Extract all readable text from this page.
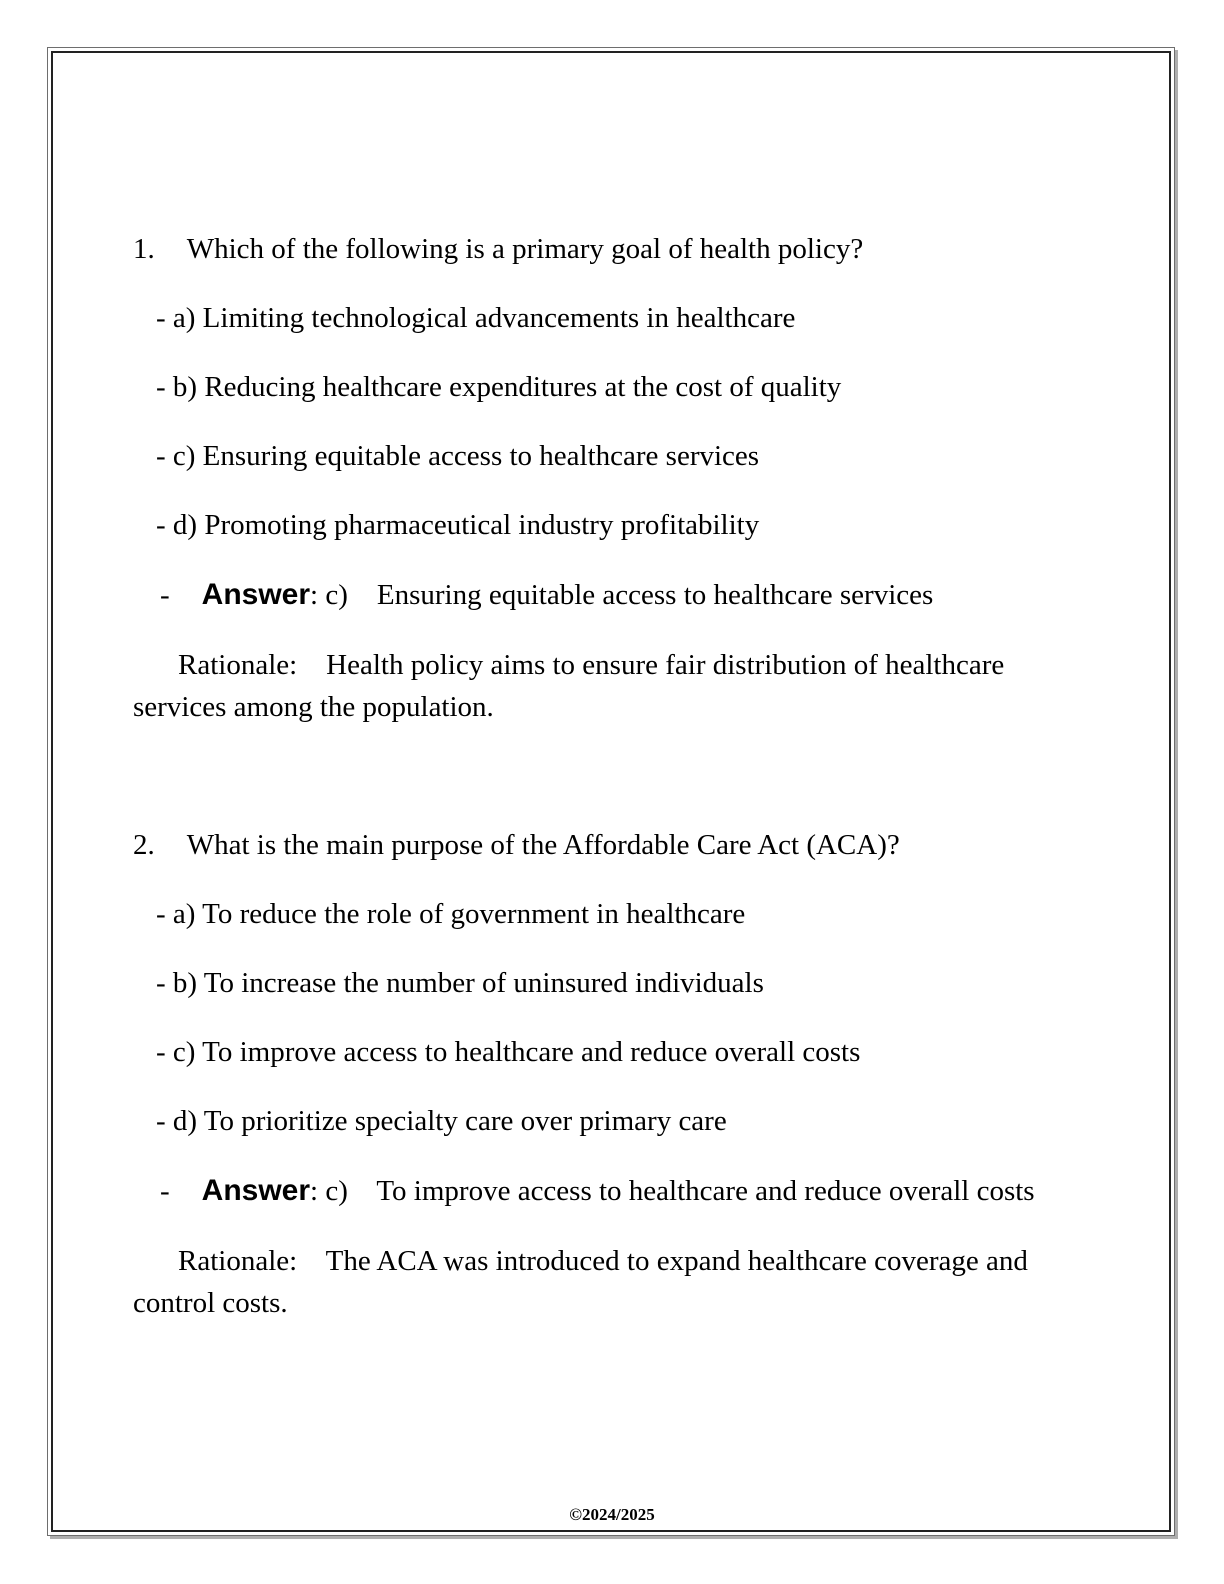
1. Which of the following is a primary goal of health policy?

- a) Limiting technological advancements in healthcare

- b) Reducing healthcare expenditures at the cost of quality

- c) Ensuring equitable access to healthcare services

- d) Promoting pharmaceutical industry profitability

- Answer: c)    Ensuring equitable access to healthcare services

Rationale:    Health policy aims to ensure fair distribution of healthcare services among the population.

2. What is the main purpose of the Affordable Care Act (ACA)?

- a) To reduce the role of government in healthcare

- b) To increase the number of uninsured individuals

- c) To improve access to healthcare and reduce overall costs

- d) To prioritize specialty care over primary care

- Answer: c)    To improve access to healthcare and reduce overall costs

Rationale:    The ACA was introduced to expand healthcare coverage and control costs.

©2024/2025
